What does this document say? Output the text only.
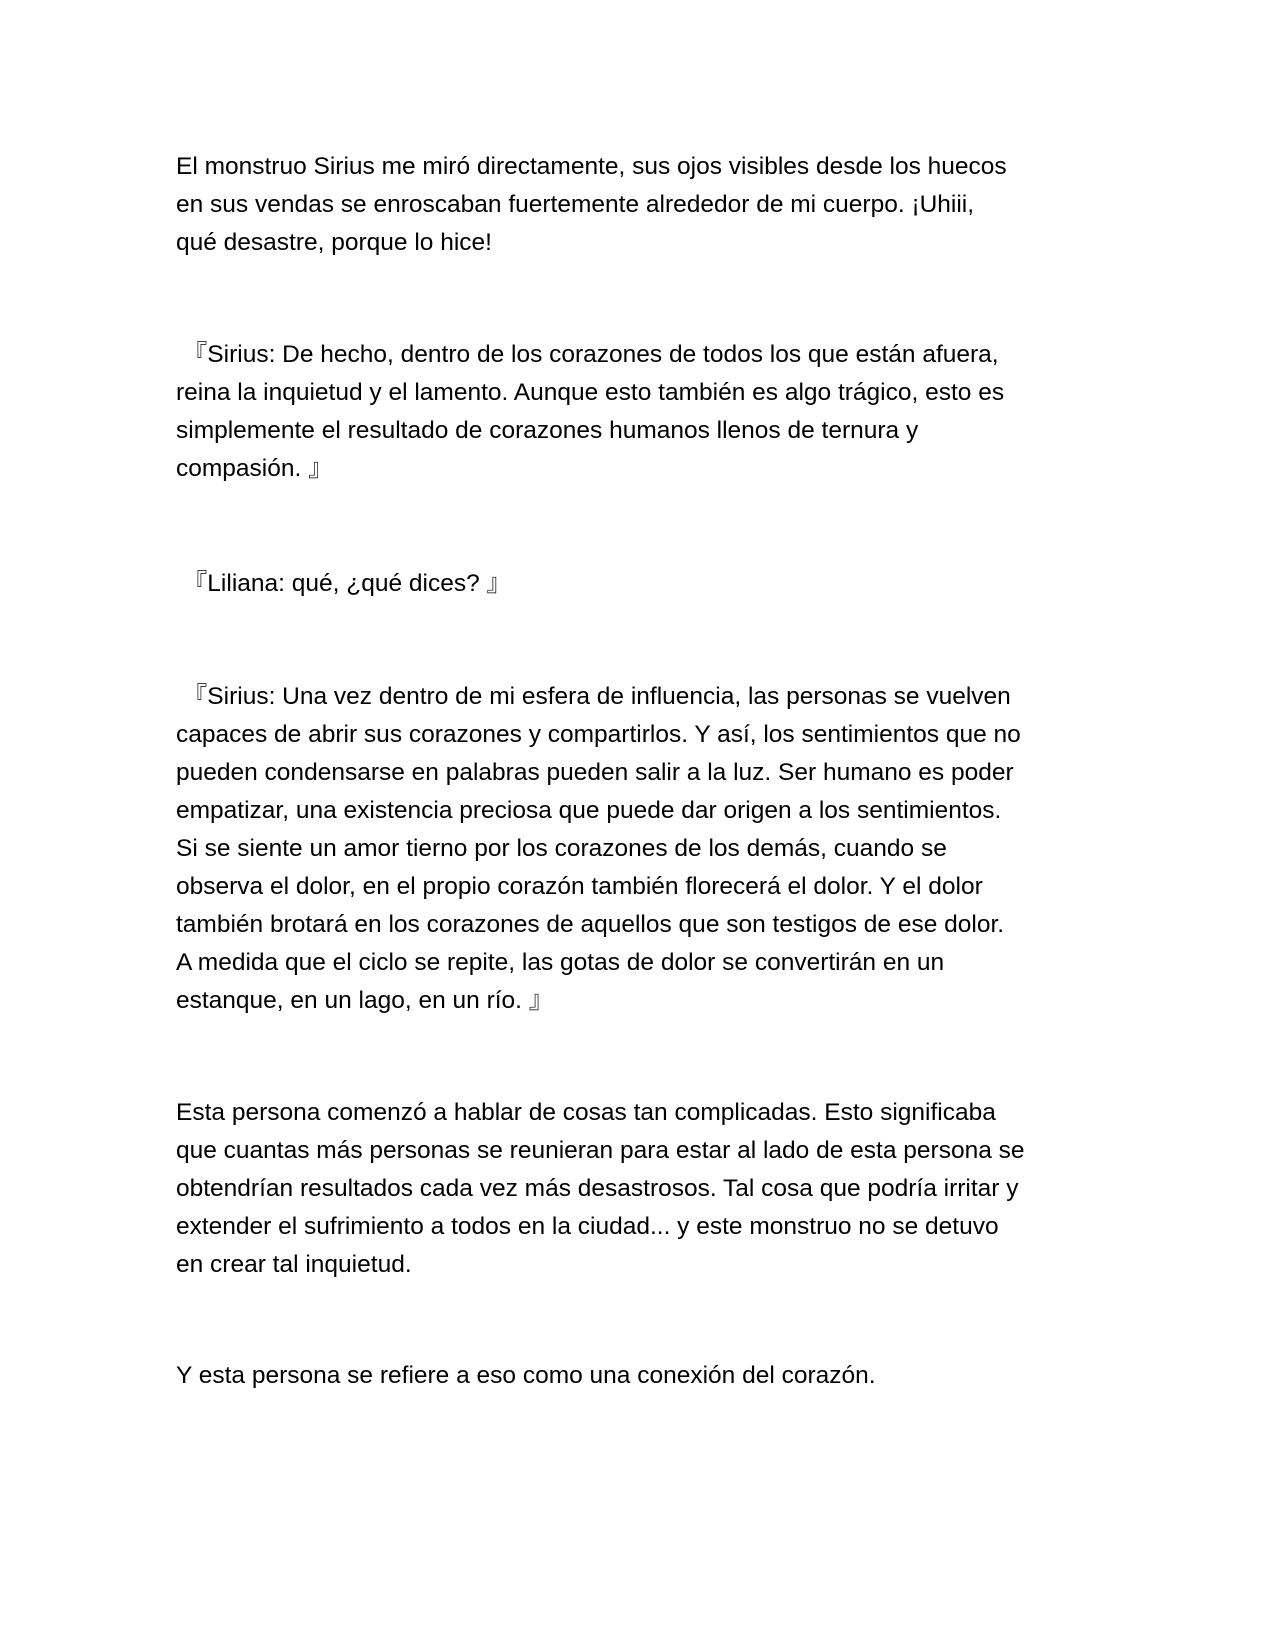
El monstruo Sirius me miró directamente, sus ojos visibles desde los huecos
en sus vendas se enroscaban fuertemente alrededor de mi cuerpo. ¡Uhiii,
qué desastre, porque lo hice!

『Sirius: De hecho, dentro de los corazones de todos los que están afuera,
reina la inquietud y el lamento. Aunque esto también es algo trágico, esto es
simplemente el resultado de corazones humanos llenos de ternura y
compasión. 』

『Liliana: qué, ¿qué dices? 』

『Sirius: Una vez dentro de mi esfera de influencia, las personas se vuelven
capaces de abrir sus corazones y compartirlos. Y así, los sentimientos que no
pueden condensarse en palabras pueden salir a la luz. Ser humano es poder
empatizar, una existencia preciosa que puede dar origen a los sentimientos.
Si se siente un amor tierno por los corazones de los demás, cuando se
observa el dolor, en el propio corazón también florecerá el dolor. Y el dolor
también brotará en los corazones de aquellos que son testigos de ese dolor.
A medida que el ciclo se repite, las gotas de dolor se convertirán en un
estanque, en un lago, en un río. 』

Esta persona comenzó a hablar de cosas tan complicadas. Esto significaba
que cuantas más personas se reunieran para estar al lado de esta persona se
obtendrían resultados cada vez más desastrosos. Tal cosa que podría irritar y
extender el sufrimiento a todos en la ciudad... y este monstruo no se detuvo
en crear tal inquietud.

Y esta persona se refiere a eso como una conexión del corazón.
